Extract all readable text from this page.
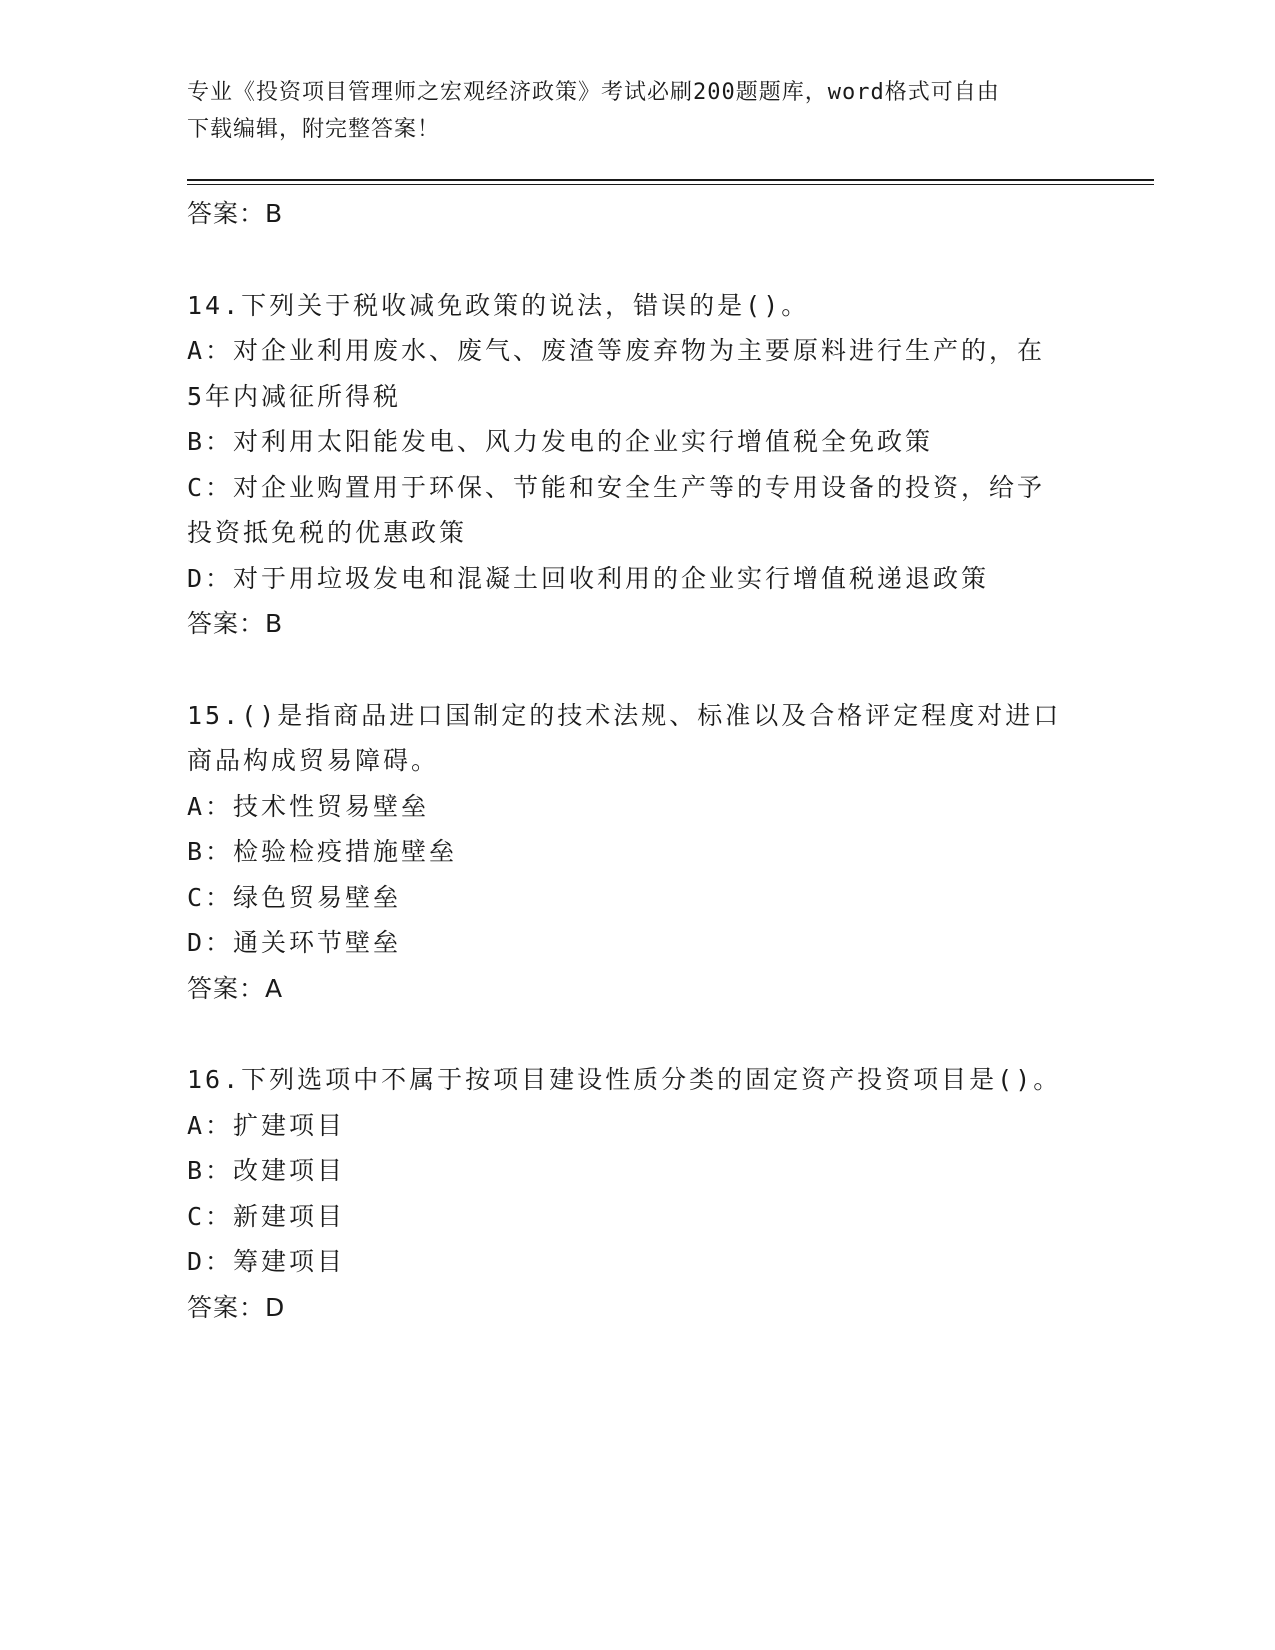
专业《投资项目管理师之宏观经济政策》考试必刷200题题库，word格式可自由
下载编辑，附完整答案！
答案：B
14.下列关于税收减免政策的说法，错误的是()。
A：对企业利用废水、废气、废渣等废弃物为主要原料进行生产的，在
5年内减征所得税
B：对利用太阳能发电、风力发电的企业实行增值税全免政策
C：对企业购置用于环保、节能和安全生产等的专用设备的投资，给予
投资抵免税的优惠政策
D：对于用垃圾发电和混凝土回收利用的企业实行增值税递退政策
答案：B
15.()是指商品进口国制定的技术法规、标准以及合格评定程度对进口
商品构成贸易障碍。
A：技术性贸易壁垒
B：检验检疫措施壁垒
C：绿色贸易壁垒
D：通关环节壁垒
答案：A
16.下列选项中不属于按项目建设性质分类的固定资产投资项目是()。
A：扩建项目
B：改建项目
C：新建项目
D：筹建项目
答案：D
